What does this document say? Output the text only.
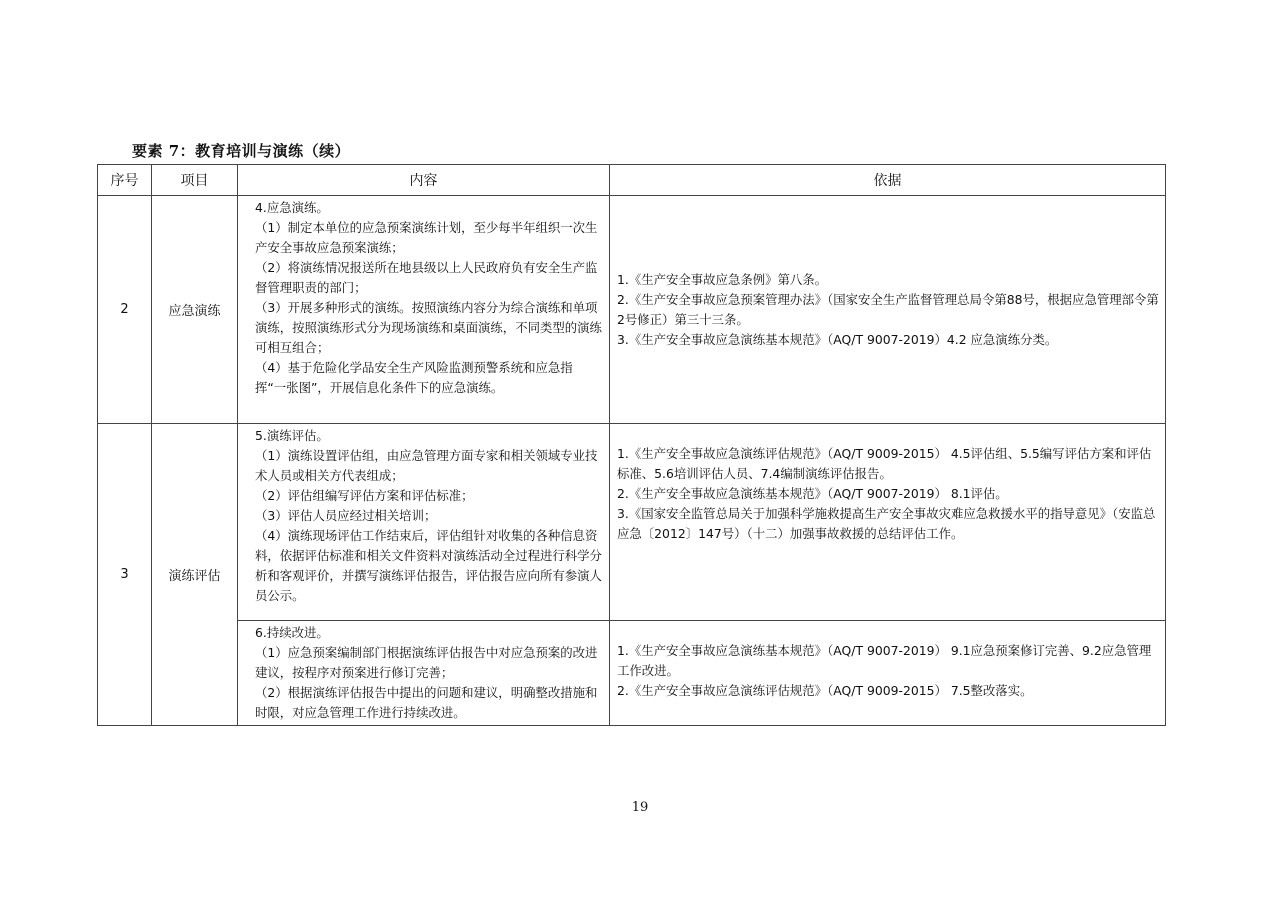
要素 7：教育培训与演练（续）
序号	项目	内容	依据
2	应急演练	4.应急演练。
（1）制定本单位的应急预案演练计划，至少每半年组织一次生产安全事故应急预案演练；
（2）将演练情况报送所在地县级以上人民政府负有安全生产监督管理职责的部门；
（3）开展多种形式的演练。按照演练内容分为综合演练和单项演练，按照演练形式分为现场演练和桌面演练，不同类型的演练可相互组合；
（4）基于危险化学品安全生产风险监测预警系统和应急指挥“一张图”，开展信息化条件下的应急演练。	1.《生产安全事故应急条例》第八条。
2.《生产安全事故应急预案管理办法》（国家安全生产监督管理总局令第88号，根据应急管理部令第2号修正）第三十三条。
3.《生产安全事故应急演练基本规范》（AQ/T 9007-2019）4.2 应急演练分类。

3	演练评估	5.演练评估。
（1）演练设置评估组，由应急管理方面专家和相关领域专业技术人员或相关方代表组成；
（2）评估组编写评估方案和评估标准；
（3）评估人员应经过相关培训；
（4）演练现场评估工作结束后，评估组针对收集的各种信息资料，依据评估标准和相关文件资料对演练活动全过程进行科学分析和客观评价，并撰写演练评估报告，评估报告应向所有参演人员公示。	1.《生产安全事故应急演练评估规范》（AQ/T 9009-2015） 4.5评估组、5.5编写评估方案和评估标准、5.6培训评估人员、7.4编制演练评估报告。
2.《生产安全事故应急演练基本规范》（AQ/T 9007-2019） 8.1评估。
3.《国家安全监管总局关于加强科学施救提高生产安全事故灾难应急救援水平的指导意见》（安监总应急〔2012〕147号）（十二）加强事故救援的总结评估工作。

		6.持续改进。
（1）应急预案编制部门根据演练评估报告中对应急预案的改进建议，按程序对预案进行修订完善；
（2）根据演练评估报告中提出的问题和建议，明确整改措施和时限，对应急管理工作进行持续改进。	1.《生产安全事故应急演练基本规范》（AQ/T 9007-2019） 9.1应急预案修订完善、9.2应急管理工作改进。
2.《生产安全事故应急演练评估规范》（AQ/T 9009-2015） 7.5整改落实。
19
